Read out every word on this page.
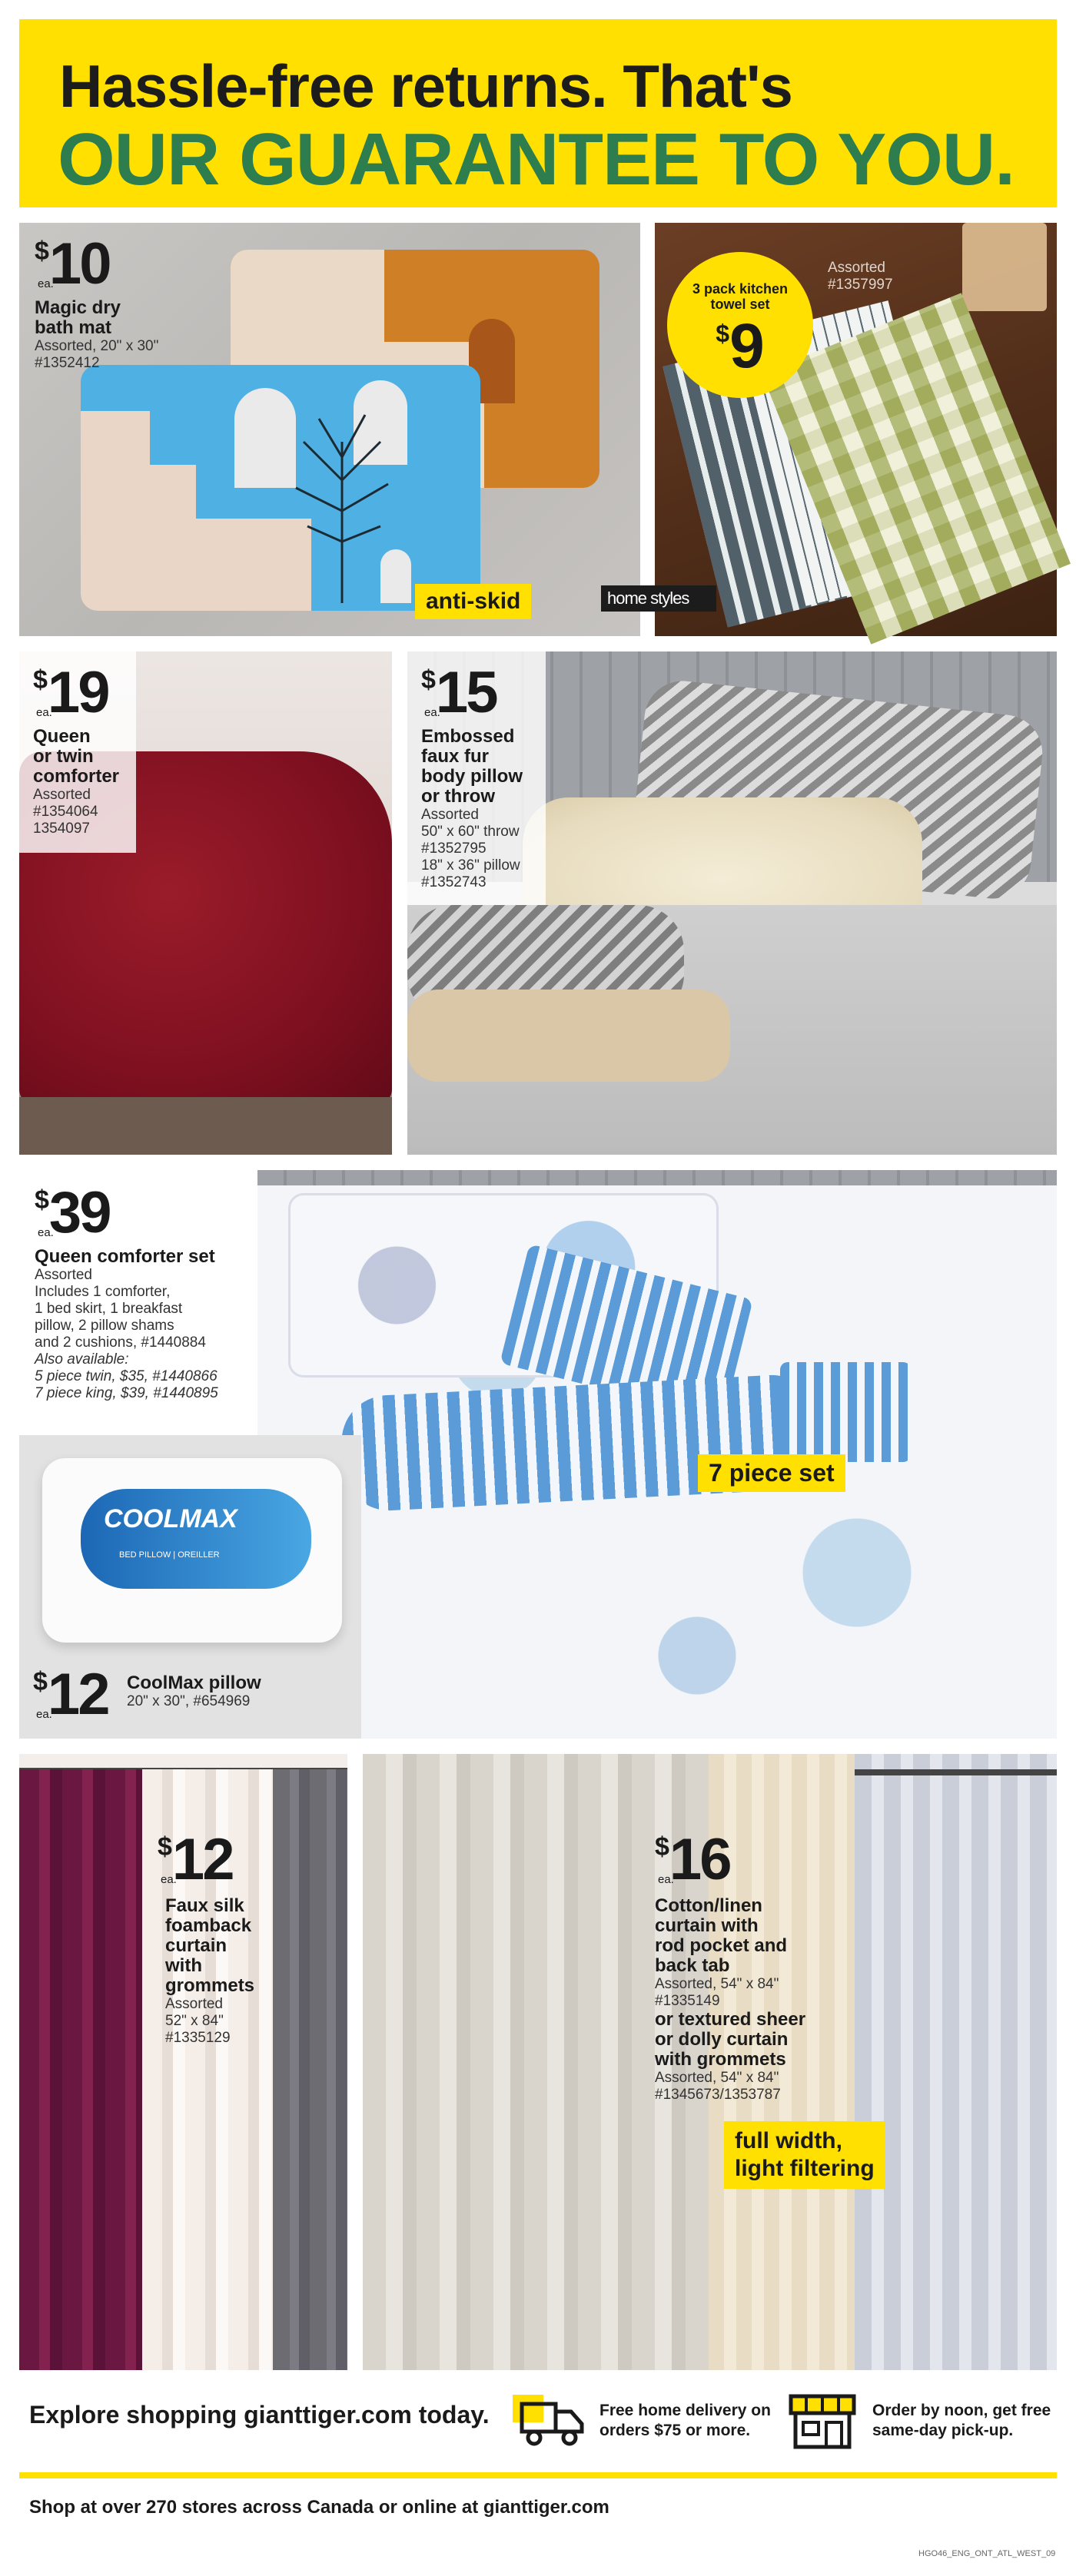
Hassle-free returns. That's
OUR GUARANTEE TO YOU.
$10
ea.
Magic dry
bath mat
Assorted, 20" x 30"
#1352412
anti-skid
3 pack kitchen
towel set
$9
Assorted
#1357997
home styles
$19
ea.
Queen
or twin
comforter
Assorted
#1354064
1354097
$15
ea.
Embossed
faux fur
body pillow
or throw
Assorted
50" x 60" throw
#1352795
18" x 36" pillow
#1352743
$39
ea.
Queen comforter set
Assorted
Includes 1 comforter,
1 bed skirt, 1 breakfast
pillow, 2 pillow shams
and 2 cushions, #1440884
Also available:
5 piece twin, $35, #1440866
7 piece king, $39, #1440895
7 piece set
COOLMAX
BED PILLOW | OREILLER
$12
ea.
CoolMax pillow
20" x 30", #654969
$12
ea.
Faux silk
foamback
curtain
with
grommets
Assorted
52" x 84"
#1335129
$16
ea.
Cotton/linen
curtain with
rod pocket and
back tab
Assorted, 54" x 84"
#1335149
or textured sheer
or dolly curtain
with grommets
Assorted, 54" x 84"
#1345673/1353787
full width,
light filtering
Explore shopping gianttiger.com today.	Free home delivery on
orders $75 or more.
Order by noon, get free
same-day pick-up.
Shop at over 270 stores across Canada or online at gianttiger.com
HGO46_ENG_ONT_ATL_WEST_09
